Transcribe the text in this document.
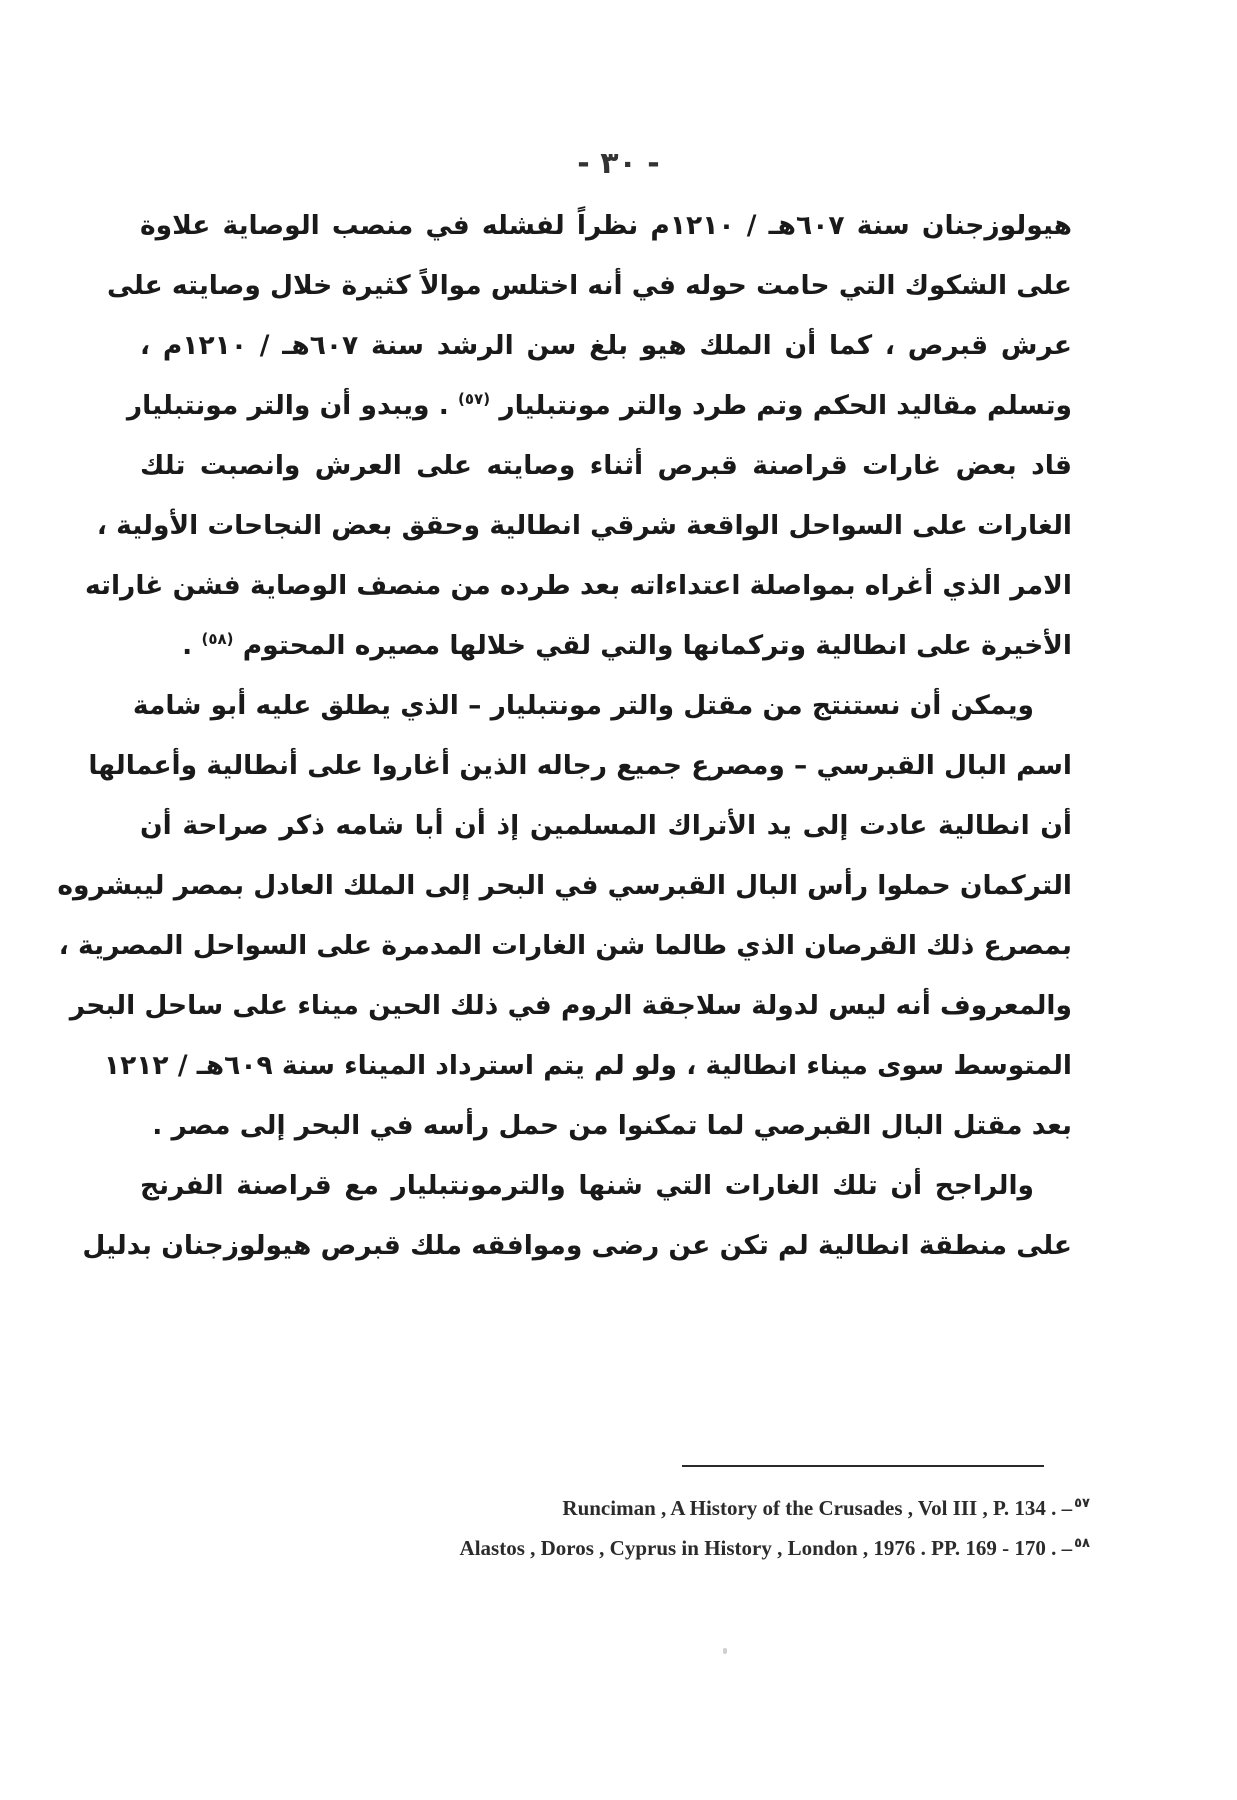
- ٣٠ -
هيولوزجنان سنة ٦٠٧هـ / ١٢١٠م نظراً لفشله في منصب الوصاية علاوة
على الشكوك التي حامت حوله في أنه اختلس موالاً كثيرة خلال وصايته على
عرش قبرص ، كما أن الملك هيو بلغ سن الرشد سنة ٦٠٧هـ / ١٢١٠م ،
وتسلم مقاليد الحكم وتم طرد والتر مونتبليار $^{(٥٧)}$ . ويبدو أن والتر مونتبليار
قاد بعض غارات قراصنة قبرص أثناء وصايته على العرش وانصبت تلك
الغارات على السواحل الواقعة شرقي انطالية وحقق بعض النجاحات الأولية ،
الامر الذي أغراه بمواصلة اعتداءاته بعد طرده من منصف الوصاية فشن غاراته
الأخيرة على انطالية وتركمانها والتي لقي خلالها مصيره المحتوم $^{(٥٨)}$ .
ويمكن أن نستنتج من مقتل والتر مونتبليار – الذي يطلق عليه أبو شامة
اسم البال القبرسي – ومصرع جميع رجاله الذين أغاروا على أنطالية وأعمالها
أن انطالية عادت إلى يد الأتراك المسلمين إذ أن أبا شامه ذكر صراحة أن
التركمان حملوا رأس البال القبرسي في البحر إلى الملك العادل بمصر ليبشروه
بمصرع ذلك القرصان الذي طالما شن الغارات المدمرة على السواحل المصرية ،
والمعروف أنه ليس لدولة سلاجقة الروم في ذلك الحين ميناء على ساحل البحر
المتوسط سوى ميناء انطالية ، ولو لم يتم استرداد الميناء سنة ٦٠٩هـ / ١٢١٢
بعد مقتل البال القبرصي لما تمكنوا من حمل رأسه في البحر إلى مصر .
والراجح أن تلك الغارات التي شنها والترمونتبليار مع قراصنة الفرنج
على منطقة انطالية لم تكن عن رضى وموافقه ملك قبرص هيولوزجنان بدليل
Runciman , A History of the Crusades , Vol III , P. 134 . – $^{٥٧}$
Alastos , Doros , Cyprus in History , London , 1976 . PP. 169 - 170 . – $^{٥٨}$
